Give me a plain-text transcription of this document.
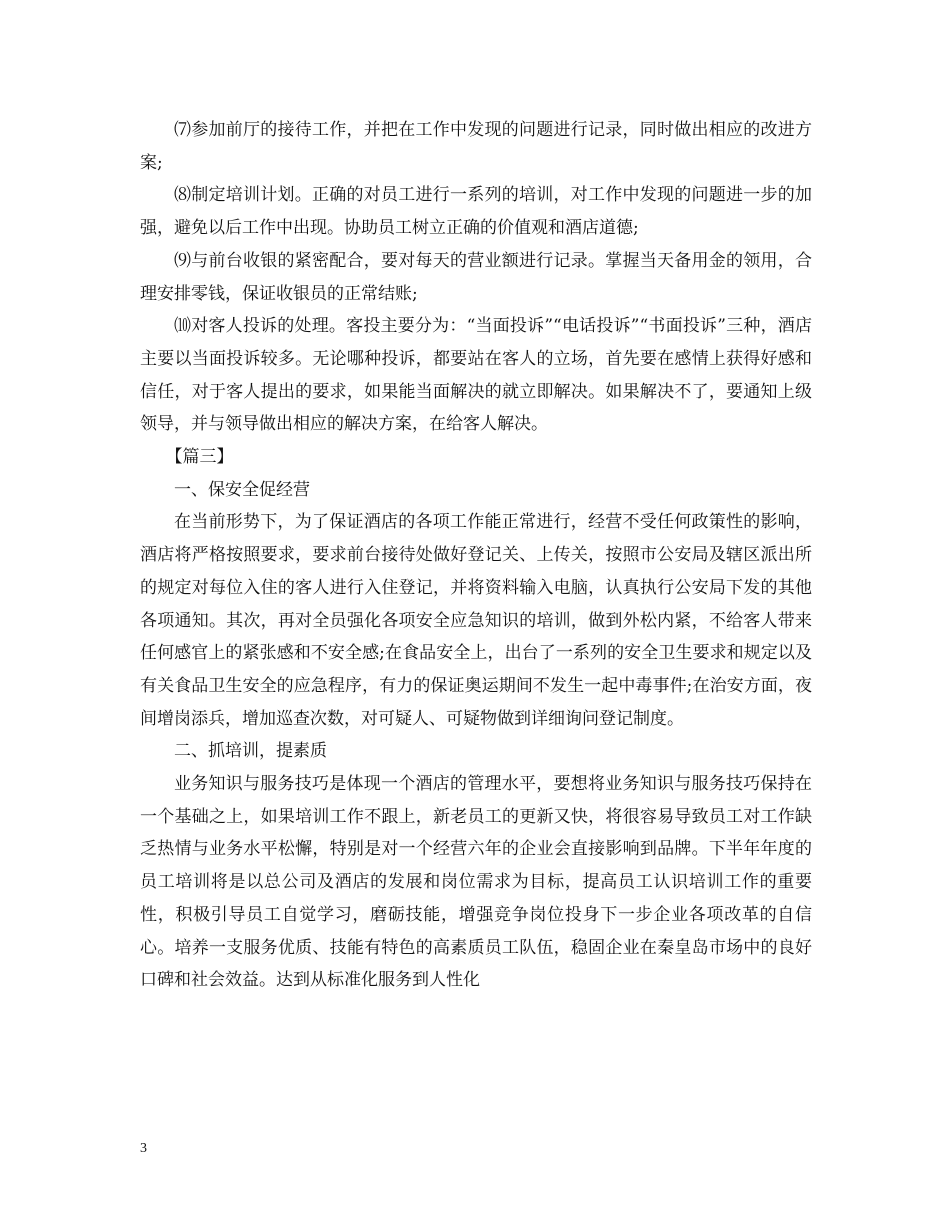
⑺参加前厅的接待工作，并把在工作中发现的问题进行记录，同时做出相应的改进方案;

⑻制定培训计划。正确的对员工进行一系列的培训，对工作中发现的问题进一步的加强，避免以后工作中出现。协助员工树立正确的价值观和酒店道德;

⑼与前台收银的紧密配合，要对每天的营业额进行记录。掌握当天备用金的领用，合理安排零钱，保证收银员的正常结账;

⑽对客人投诉的处理。客投主要分为：“当面投诉”“电话投诉”“书面投诉”三种，酒店主要以当面投诉较多。无论哪种投诉，都要站在客人的立场，首先要在感情上获得好感和信任，对于客人提出的要求，如果能当面解决的就立即解决。如果解决不了，要通知上级领导，并与领导做出相应的解决方案，在给客人解决。

【篇三】

一、保安全促经营

在当前形势下，为了保证酒店的各项工作能正常进行，经营不受任何政策性的影响，酒店将严格按照要求，要求前台接待处做好登记关、上传关，按照市公安局及辖区派出所的规定对每位入住的客人进行入住登记，并将资料输入电脑，认真执行公安局下发的其他各项通知。其次，再对全员强化各项安全应急知识的培训，做到外松内紧，不给客人带来任何感官上的紧张感和不安全感;在食品安全上，出台了一系列的安全卫生要求和规定以及有关食品卫生安全的应急程序，有力的保证奥运期间不发生一起中毒事件;在治安方面，夜间增岗添兵，增加巡查次数，对可疑人、可疑物做到详细询问登记制度。

二、抓培训，提素质

业务知识与服务技巧是体现一个酒店的管理水平，要想将业务知识与服务技巧保持在一个基础之上，如果培训工作不跟上，新老员工的更新又快，将很容易导致员工对工作缺乏热情与业务水平松懈，特别是对一个经营六年的企业会直接影响到品牌。下半年年度的员工培训将是以总公司及酒店的发展和岗位需求为目标，提高员工认识培训工作的重要性，积极引导员工自觉学习，磨砺技能，增强竞争岗位投身下一步企业各项改革的自信心。培养一支服务优质、技能有特色的高素质员工队伍，稳固企业在秦皇岛市场中的良好口碑和社会效益。达到从标准化服务到人性化

3
